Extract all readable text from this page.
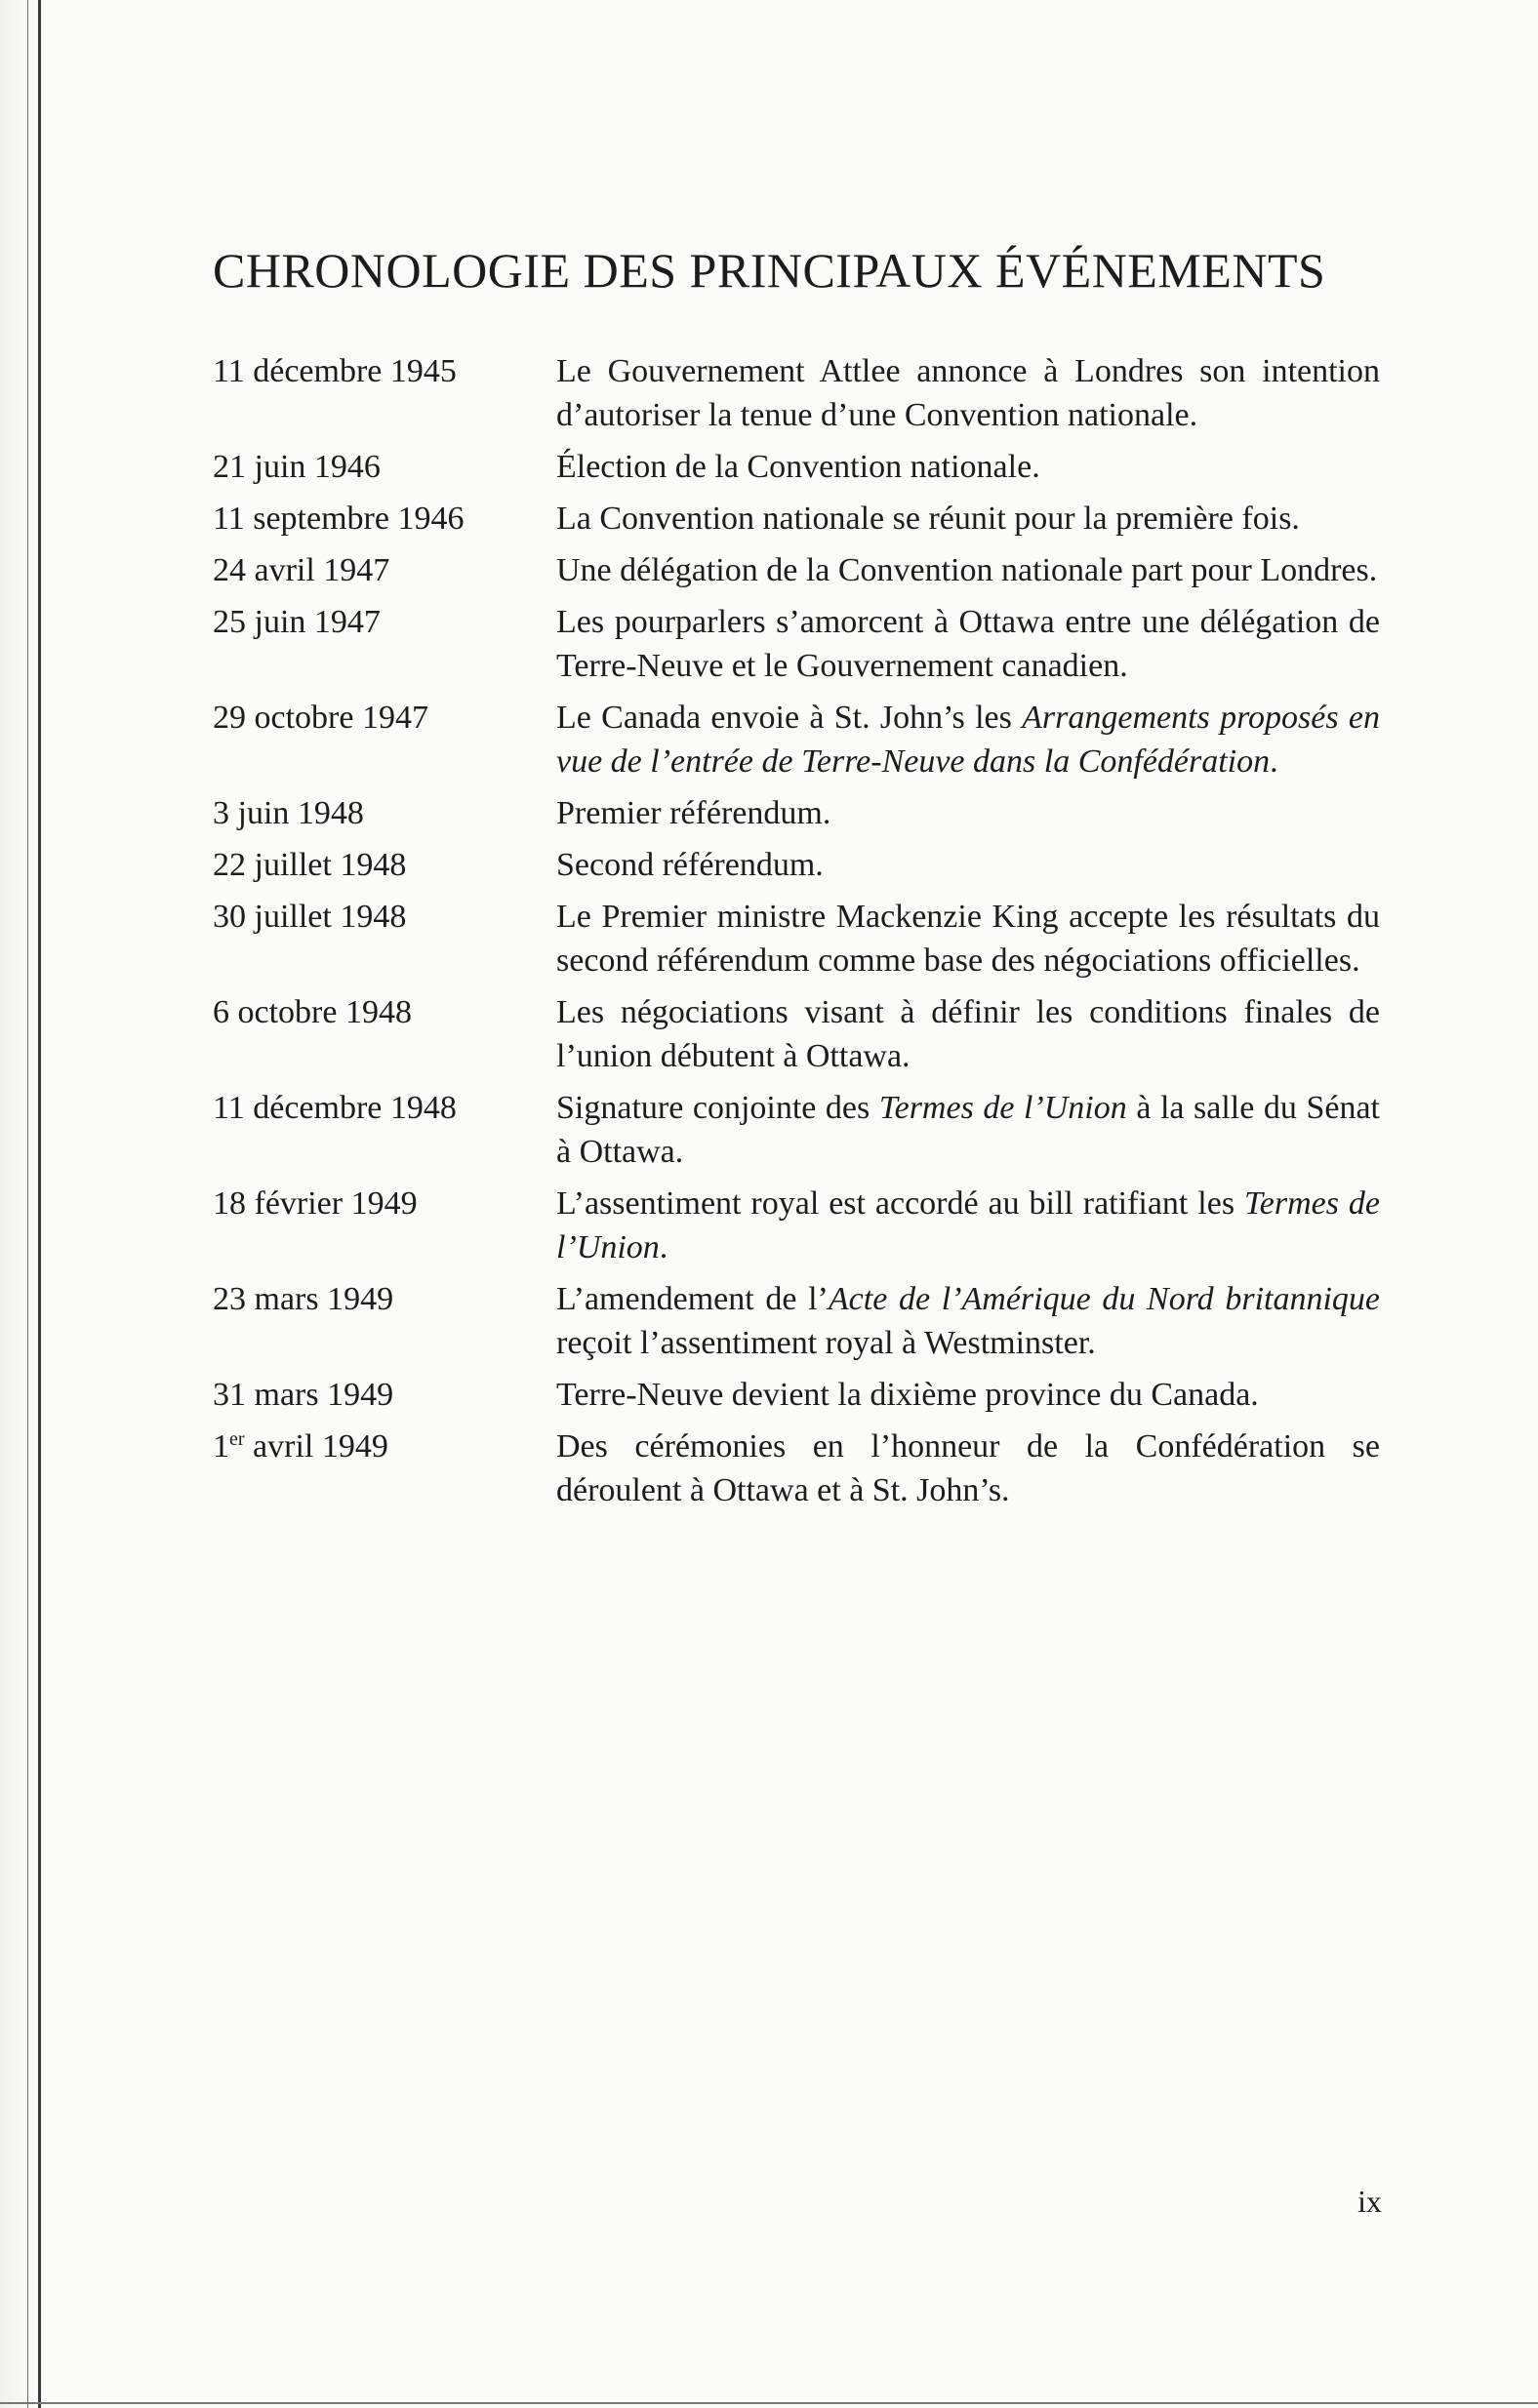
CHRONOLOGIE DES PRINCIPAUX ÉVÉNEMENTS
11 décembre 1945	Le Gouvernement Attlee annonce à Londres son intention d’autoriser la tenue d’une Convention nationale.
21 juin 1946	Élection de la Convention nationale.
11 septembre 1946	La Convention nationale se réunit pour la première fois.
24 avril 1947	Une délégation de la Convention nationale part pour Londres.
25 juin 1947	Les pourparlers s’amorcent à Ottawa entre une délégation de Terre-Neuve et le Gouvernement canadien.
29 octobre 1947	Le Canada envoie à St. John’s les Arrangements proposés en vue de l’entrée de Terre-Neuve dans la Confédération.
3 juin 1948	Premier référendum.
22 juillet 1948	Second référendum.
30 juillet 1948	Le Premier ministre Mackenzie King accepte les résultats du second référendum comme base des négociations officielles.
6 octobre 1948	Les négociations visant à définir les conditions finales de l’union débutent à Ottawa.
11 décembre 1948	Signature conjointe des Termes de l’Union à la salle du Sénat à Ottawa.
18 février 1949	L’assentiment royal est accordé au bill ratifiant les Termes de l’Union.
23 mars 1949	L’amendement de l’Acte de l’Amérique du Nord britannique reçoit l’assentiment royal à Westminster.
31 mars 1949	Terre-Neuve devient la dixième province du Canada.
1er avril 1949	Des cérémonies en l’honneur de la Confédération se déroulent à Ottawa et à St. John’s.
ix
